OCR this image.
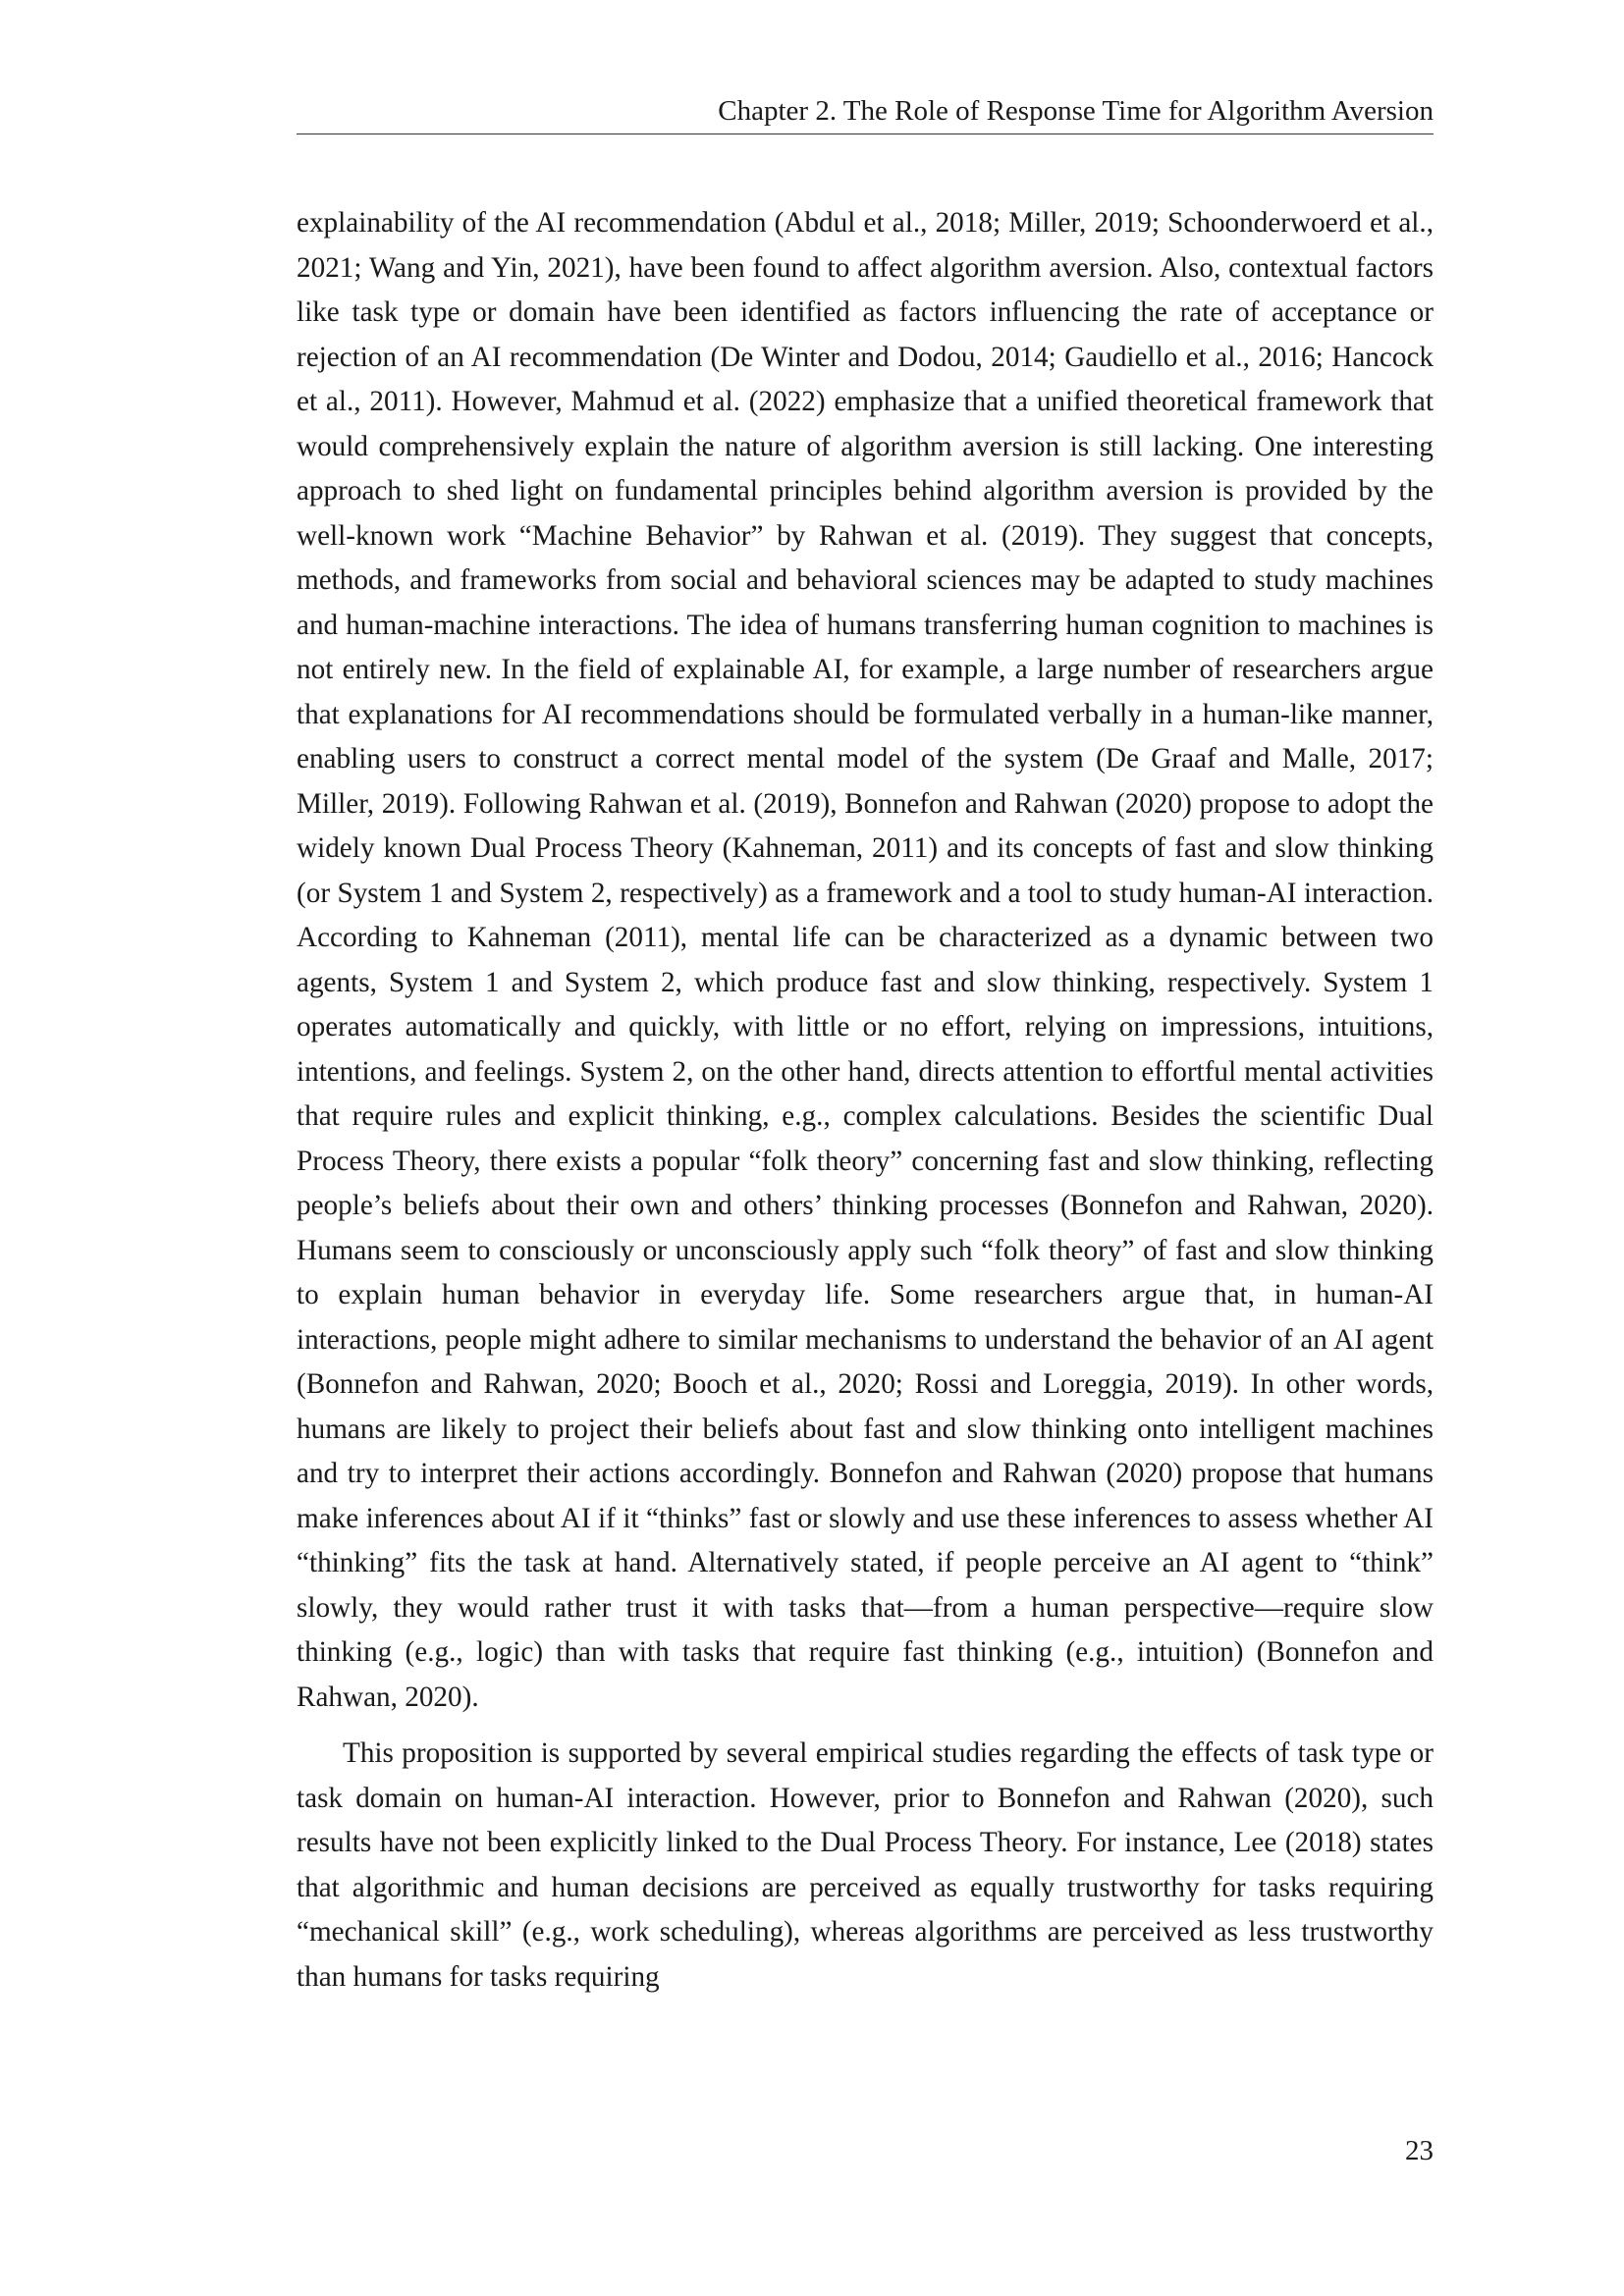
Chapter 2. The Role of Response Time for Algorithm Aversion

explainability of the AI recommendation (Abdul et al., 2018; Miller, 2019; Schoonderwoerd et al., 2021; Wang and Yin, 2021), have been found to affect algorithm aversion. Also, contextual factors like task type or domain have been identified as factors influencing the rate of acceptance or rejection of an AI recommendation (De Winter and Dodou, 2014; Gaudiello et al., 2016; Hancock et al., 2011). However, Mahmud et al. (2022) emphasize that a unified theoretical framework that would comprehensively explain the nature of algorithm aversion is still lacking. One interesting approach to shed light on fundamental principles behind algorithm aversion is provided by the well-known work “Machine Behavior” by Rahwan et al. (2019). They suggest that concepts, methods, and frameworks from social and behavioral sciences may be adapted to study machines and human-machine interactions. The idea of humans transferring human cognition to machines is not entirely new. In the field of explainable AI, for example, a large number of researchers argue that explanations for AI recommendations should be formulated verbally in a human-like manner, enabling users to construct a correct mental model of the system (De Graaf and Malle, 2017; Miller, 2019). Following Rahwan et al. (2019), Bonnefon and Rahwan (2020) propose to adopt the widely known Dual Process Theory (Kahneman, 2011) and its concepts of fast and slow thinking (or System 1 and System 2, respectively) as a framework and a tool to study human-AI interaction. According to Kahneman (2011), mental life can be characterized as a dynamic between two agents, System 1 and System 2, which produce fast and slow thinking, respectively. System 1 operates automatically and quickly, with little or no effort, relying on impressions, intuitions, intentions, and feelings. System 2, on the other hand, directs attention to effortful mental activities that require rules and explicit thinking, e.g., complex calculations. Besides the scientific Dual Process Theory, there exists a popular “folk theory” concerning fast and slow thinking, reflecting people’s beliefs about their own and others’ thinking processes (Bonnefon and Rahwan, 2020). Humans seem to consciously or unconsciously apply such “folk theory” of fast and slow thinking to explain human behavior in everyday life. Some researchers argue that, in human-AI interactions, people might adhere to similar mechanisms to understand the behavior of an AI agent (Bonnefon and Rahwan, 2020; Booch et al., 2020; Rossi and Loreggia, 2019). In other words, humans are likely to project their beliefs about fast and slow thinking onto intelligent machines and try to interpret their actions accordingly. Bonnefon and Rahwan (2020) propose that humans make inferences about AI if it “thinks” fast or slowly and use these inferences to assess whether AI “thinking” fits the task at hand. Alternatively stated, if people perceive an AI agent to “think” slowly, they would rather trust it with tasks that—from a human perspective—require slow thinking (e.g., logic) than with tasks that require fast thinking (e.g., intuition) (Bonnefon and Rahwan, 2020).

This proposition is supported by several empirical studies regarding the effects of task type or task domain on human-AI interaction. However, prior to Bonnefon and Rahwan (2020), such results have not been explicitly linked to the Dual Process Theory. For instance, Lee (2018) states that algorithmic and human decisions are perceived as equally trustworthy for tasks requiring “mechanical skill” (e.g., work scheduling), whereas algorithms are perceived as less trustworthy than humans for tasks requiring

23
